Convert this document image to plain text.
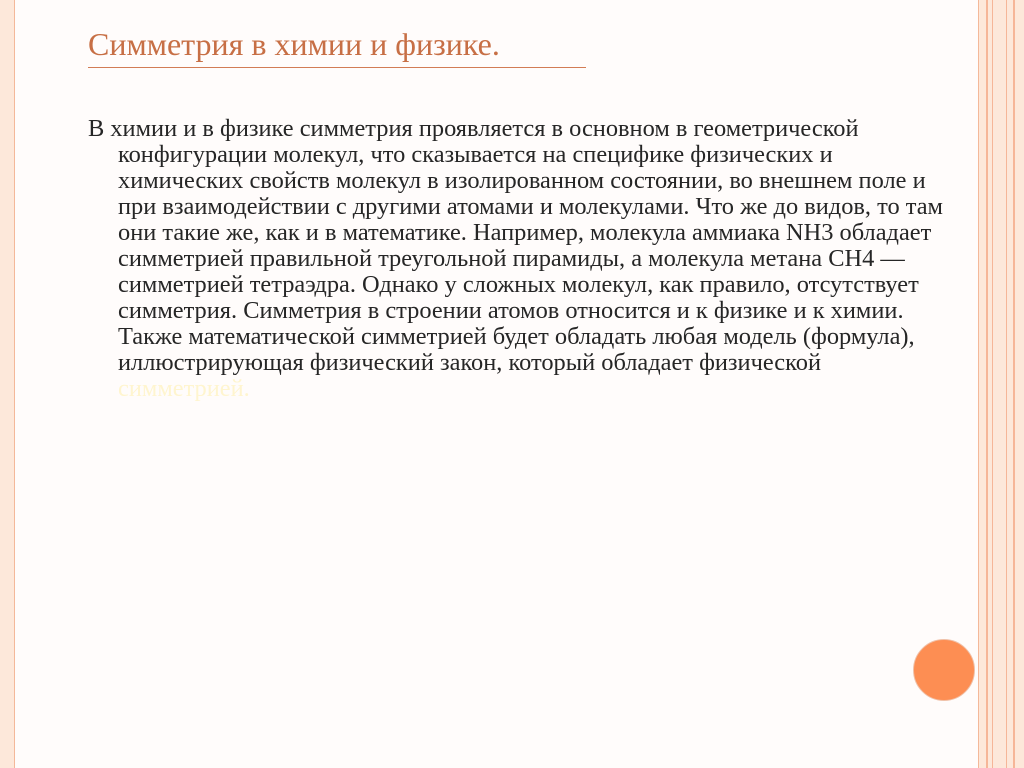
Симметрия в химии и физике.

В химии и в физике симметрия проявляется в основном в геометрической конфигурации молекул, что сказывается на специфике физических и химических свойств молекул в изолированном состоянии, во внешнем поле и при взаимодействии с другими атомами и молекулами. Что же до видов, то там они такие же, как и в математике. Например, молекула аммиака NH3 обладает симметрией правильной треугольной пирамиды, а молекула метана CH4 — симметрией тетраэдра. Однако у сложных молекул, как правило, отсутствует симметрия. Симметрия в строении атомов относится и к физике и к химии. Также математической симметрией будет обладать любая модель (формула), иллюстрирующая физический закон, который обладает физической симметрией.
